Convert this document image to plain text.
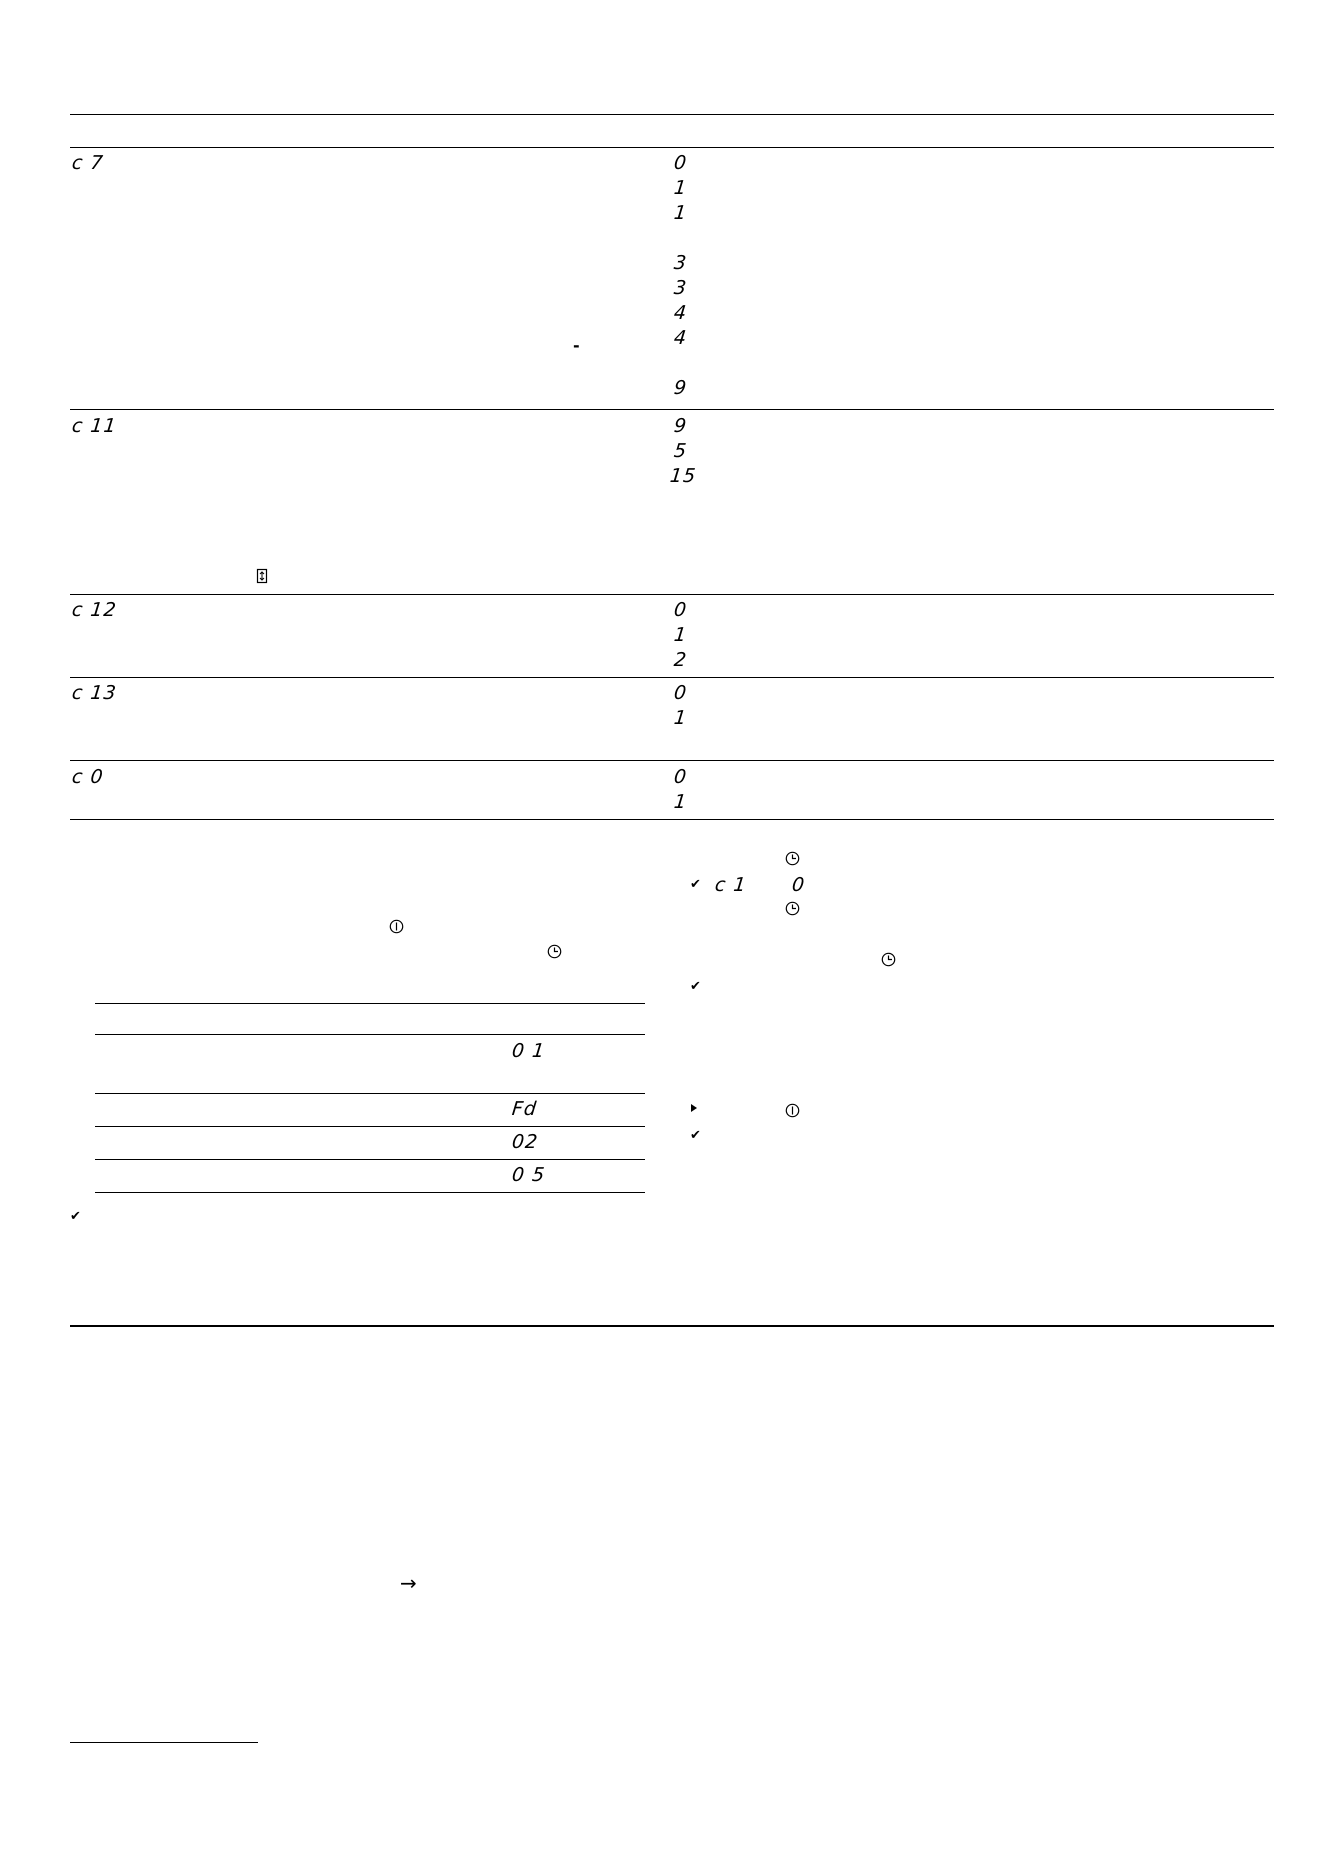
c 7	0
1
1
3
3
4
4
-
9
c 11	9
5
15
c 12	0
1
2
c 13	0
1
c 0	0
1
0 1
Fd
02
0 5
✔
✔ c 1 0
✔
✔
→
